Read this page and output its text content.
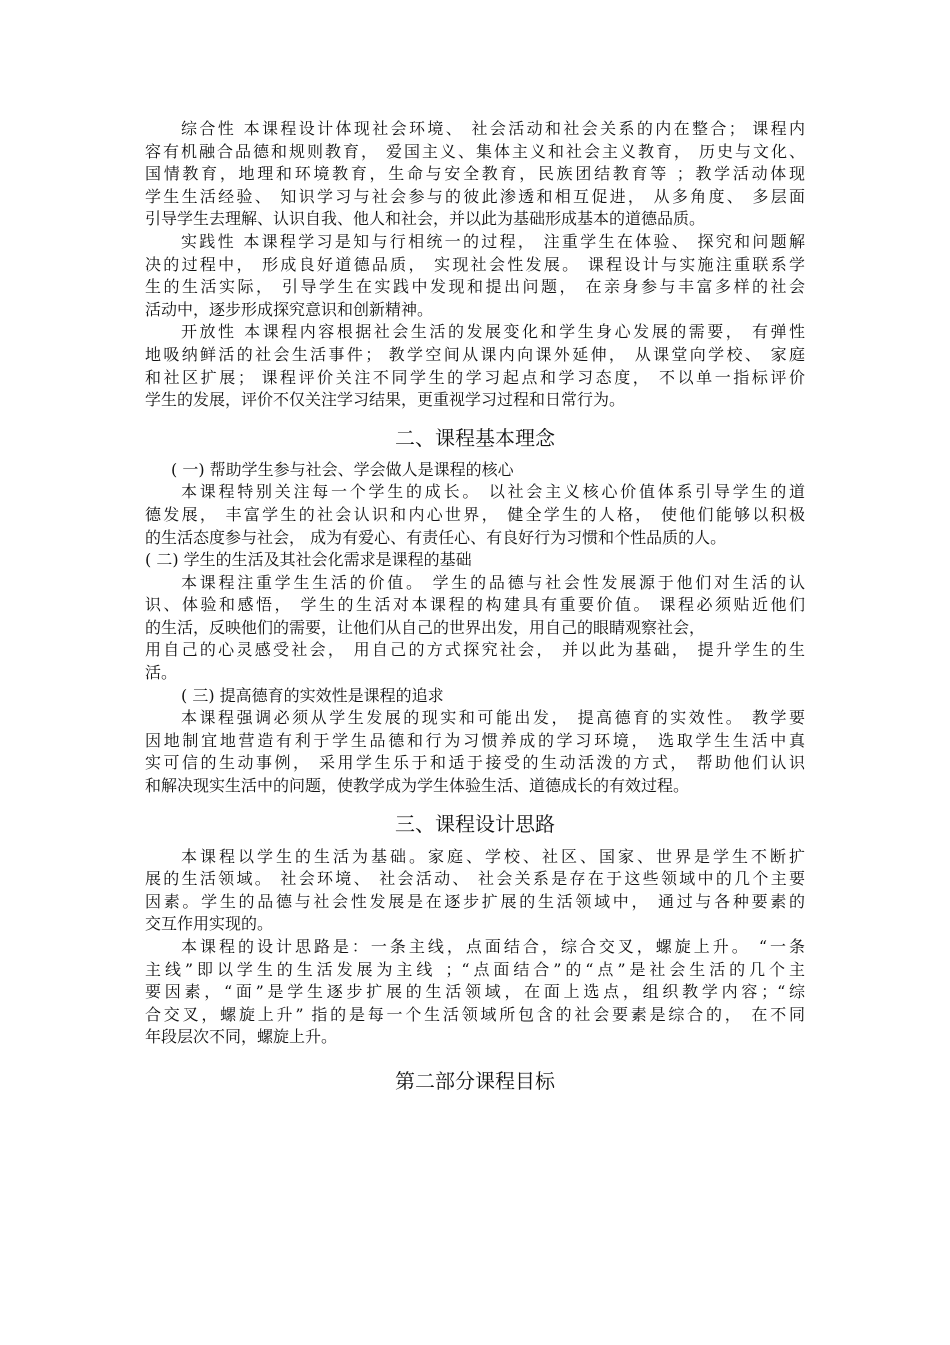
综合性 本课程设计体现社会环境、 社会活动和社会关系的内在整合； 课程内
容有机融合品德和规则教育， 爱国主义、集体主义和社会主义教育， 历史与文化、
国情教育，地理和环境教育，生命与安全教育，民族团结教育等 ；教学活动体现
学生生活经验、 知识学习与社会参与的彼此渗透和相互促进， 从多角度、 多层面
引导学生去理解、认识自我、他人和社会，并以此为基础形成基本的道德品质。
实践性 本课程学习是知与行相统一的过程， 注重学生在体验、 探究和问题解
决的过程中， 形成良好道德品质， 实现社会性发展。 课程设计与实施注重联系学
生的生活实际， 引导学生在实践中发现和提出问题， 在亲身参与丰富多样的社会
活动中，逐步形成探究意识和创新精神。
开放性 本课程内容根据社会生活的发展变化和学生身心发展的需要， 有弹性
地吸纳鲜活的社会生活事件； 教学空间从课内向课外延伸， 从课堂向学校、 家庭
和社区扩展； 课程评价关注不同学生的学习起点和学习态度， 不以单一指标评价
学生的发展，评价不仅关注学习结果，更重视学习过程和日常行为。
二、课程基本理念
( 一) 帮助学生参与社会、学会做人是课程的核心
本课程特别关注每一个学生的成长。 以社会主义核心价值体系引导学生的道
德发展， 丰富学生的社会认识和内心世界， 健全学生的人格， 使他们能够以积极
的生活态度参与社会， 成为有爱心、有责任心、有良好行为习惯和个性品质的人。
( 二) 学生的生活及其社会化需求是课程的基础
本课程注重学生生活的价值。 学生的品德与社会性发展源于他们对生活的认
识、体验和感悟， 学生的生活对本课程的构建具有重要价值。 课程必须贴近他们
的生活，反映他们的需要，让他们从自己的世界出发，用自己的眼睛观察社会，
用自己的心灵感受社会， 用自己的方式探究社会， 并以此为基础， 提升学生的生
活。
( 三) 提高德育的实效性是课程的追求
本课程强调必须从学生发展的现实和可能出发， 提高德育的实效性。 教学要
因地制宜地营造有利于学生品德和行为习惯养成的学习环境， 选取学生生活中真
实可信的生动事例， 采用学生乐于和适于接受的生动活泼的方式， 帮助他们认识
和解决现实生活中的问题，使教学成为学生体验生活、道德成长的有效过程。
三、课程设计思路
本课程以学生的生活为基础。家庭、学校、社区、国家、世界是学生不断扩
展的生活领域。 社会环境、 社会活动、 社会关系是存在于这些领域中的几个主要
因素。学生的品德与社会性发展是在逐步扩展的生活领域中， 通过与各种要素的
交互作用实现的。
本课程的设计思路是：一条主线，点面结合，综合交叉，螺旋上升。 “一条
主线”即以学生的生活发展为主线 ；“点面结合”的“点”是社会生活的几个主
要因素，“面”是学生逐步扩展的生活领域，在面上选点，组织教学内容；“综
合交叉，螺旋上升” 指的是每一个生活领域所包含的社会要素是综合的， 在不同
年段层次不同，螺旋上升。
第二部分课程目标
